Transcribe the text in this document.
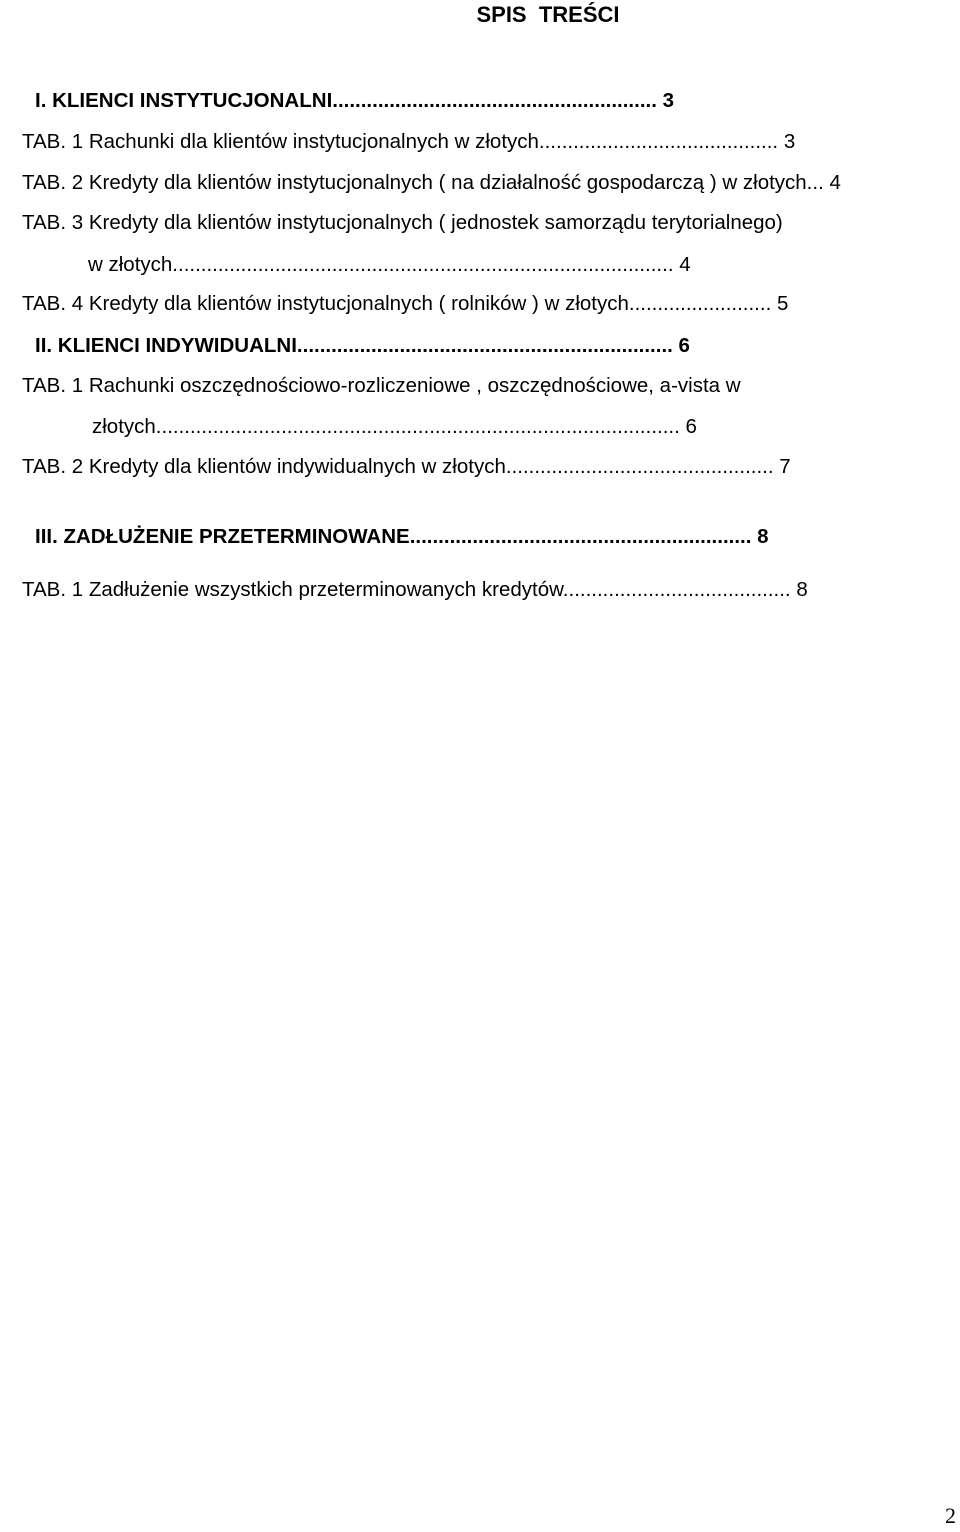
SPIS  TREŚCI
I. KLIENCI INSTYTUCJONALNI......................................................... 3
TAB. 1 Rachunki dla klientów instytucjonalnych w złotych.......................................... 3
TAB. 2 Kredyty dla klientów instytucjonalnych ( na działalność gospodarczą ) w złotych... 4
TAB. 3 Kredyty dla klientów instytucjonalnych ( jednostek samorządu terytorialnego)
w złotych........................................................................................ 4
TAB. 4 Kredyty dla klientów instytucjonalnych ( rolników ) w złotych......................... 5
II. KLIENCI INDYWIDUALNI.................................................................. 6
TAB. 1 Rachunki oszczędnościowo-rozliczeniowe , oszczędnościowe, a-vista w
złotych............................................................................................ 6
TAB. 2 Kredyty dla klientów indywidualnych w złotych............................................... 7
III. ZADŁUŻENIE PRZETERMINOWANE............................................................ 8
TAB. 1 Zadłużenie wszystkich przeterminowanych kredytów........................................ 8
2
